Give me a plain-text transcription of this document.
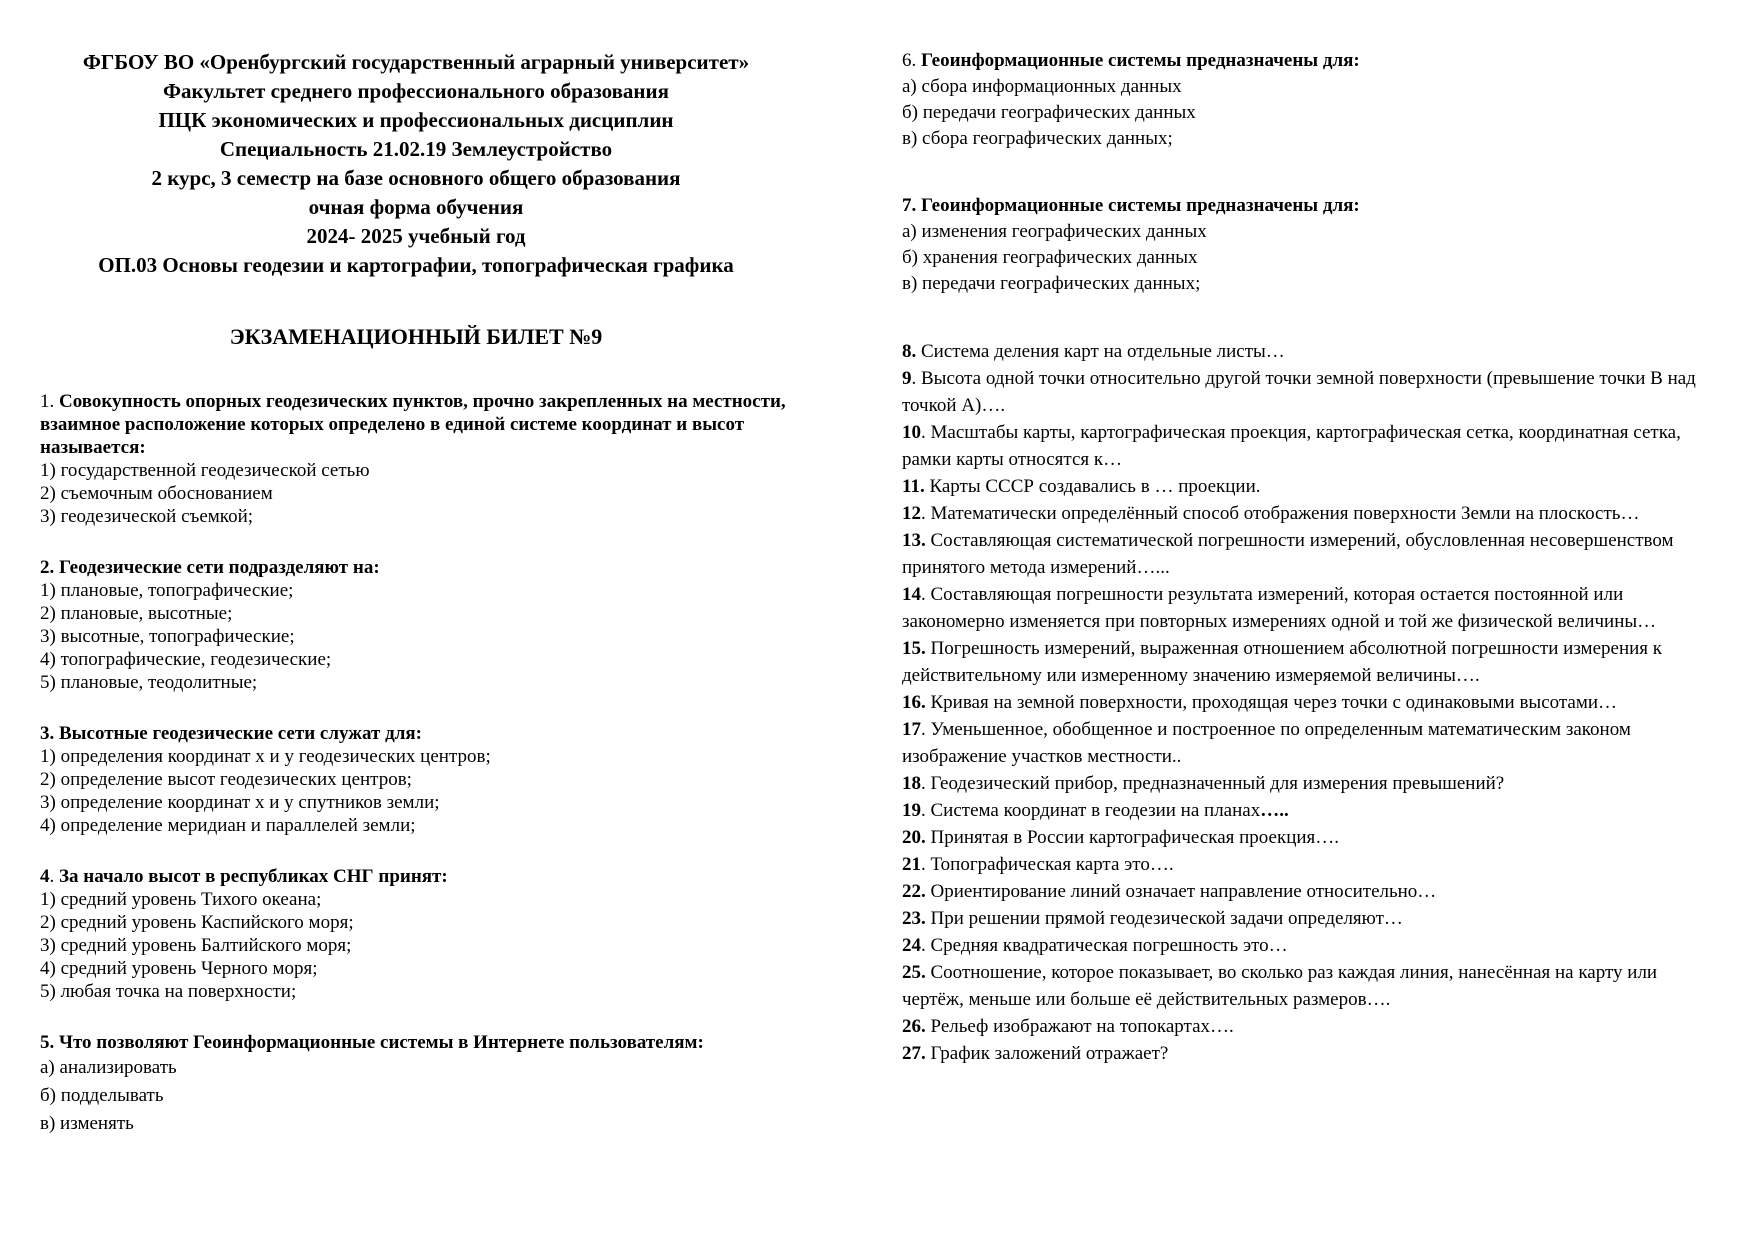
ФГБОУ ВО «Оренбургский государственный аграрный университет»

Факультет среднего профессионального образования

ПЦК экономических и профессиональных дисциплин

Специальность 21.02.19 Землеустройство

2 курс, 3 семестр на базе основного общего образования

очная форма обучения

2024- 2025 учебный год

ОП.03 Основы геодезии и картографии, топографическая графика

ЭКЗАМЕНАЦИОННЫЙ БИЛЕТ №9

1. Совокупность опорных геодезических пунктов, прочно закрепленных на местности, взаимное расположение которых определено в единой системе координат и высот называется:

1) государственной геодезической сетью

2) съемочным обоснованием

3) геодезической съемкой;

2. Геодезические сети подразделяют на:

1) плановые, топографические;

2) плановые, высотные;

3) высотные, топографические;

4) топографические, геодезические;

5) плановые, теодолитные;

3. Высотные геодезические сети служат для:

1) определения координат х и у геодезических центров;

2) определение высот геодезических центров;

3) определение координат х и у спутников земли;

4) определение меридиан и параллелей земли;

4. За начало высот в республиках СНГ принят:

1) средний уровень Тихого океана;

2) средний уровень Каспийского моря;

3) средний уровень Балтийского моря;

4) средний уровень Черного моря;

5) любая точка на поверхности;

5. Что позволяют Геоинформационные системы в Интернете пользователям:

а) анализировать

б) подделывать

в) изменять

6. Геоинформационные системы предназначены для:

а) сбора информационных данных

б) передачи географических данных

в) сбора географических данных;

7. Геоинформационные системы предназначены для:

а) изменения географических данных

б) хранения географических данных

в) передачи географических данных;

8. Система деления карт на отдельные листы…

9. Высота одной точки относительно другой точки земной поверхности (превышение точки В над точкой А)….

10. Масштабы карты, картографическая проекция, картографическая сетка, координатная сетка, рамки карты относятся к…

11. Карты СССР создавались в … проекции.

12. Математически определённый способ отображения поверхности Земли на плоскость…

13. Составляющая систематической погрешности измерений, обусловленная несовершенством принятого метода измерений…...

14. Составляющая погрешности результата измерений, которая остается постоянной или закономерно изменяется при повторных измерениях одной и той же физической величины…

15. Погрешность измерений, выраженная отношением абсолютной погрешности измерения к действительному или измеренному значению измеряемой величины….

16. Кривая на земной поверхности, проходящая через точки с одинаковыми высотами…

17. Уменьшенное, обобщенное и построенное по определенным математическим законом изображение участков местности..

18. Геодезический прибор, предназначенный для измерения превышений?

19. Система координат в геодезии на планах…..

20. Принятая в России картографическая проекция….

21. Топографическая карта это….

22. Ориентирование линий означает направление относительно…

23. При решении прямой геодезической задачи определяют…

24. Средняя квадратическая погрешность это…

25. Соотношение, которое показывает, во сколько раз каждая линия, нанесённая на карту или чертёж, меньше или больше её действительных размеров….

26. Рельеф изображают на топокартах….

27. График заложений отражает?
